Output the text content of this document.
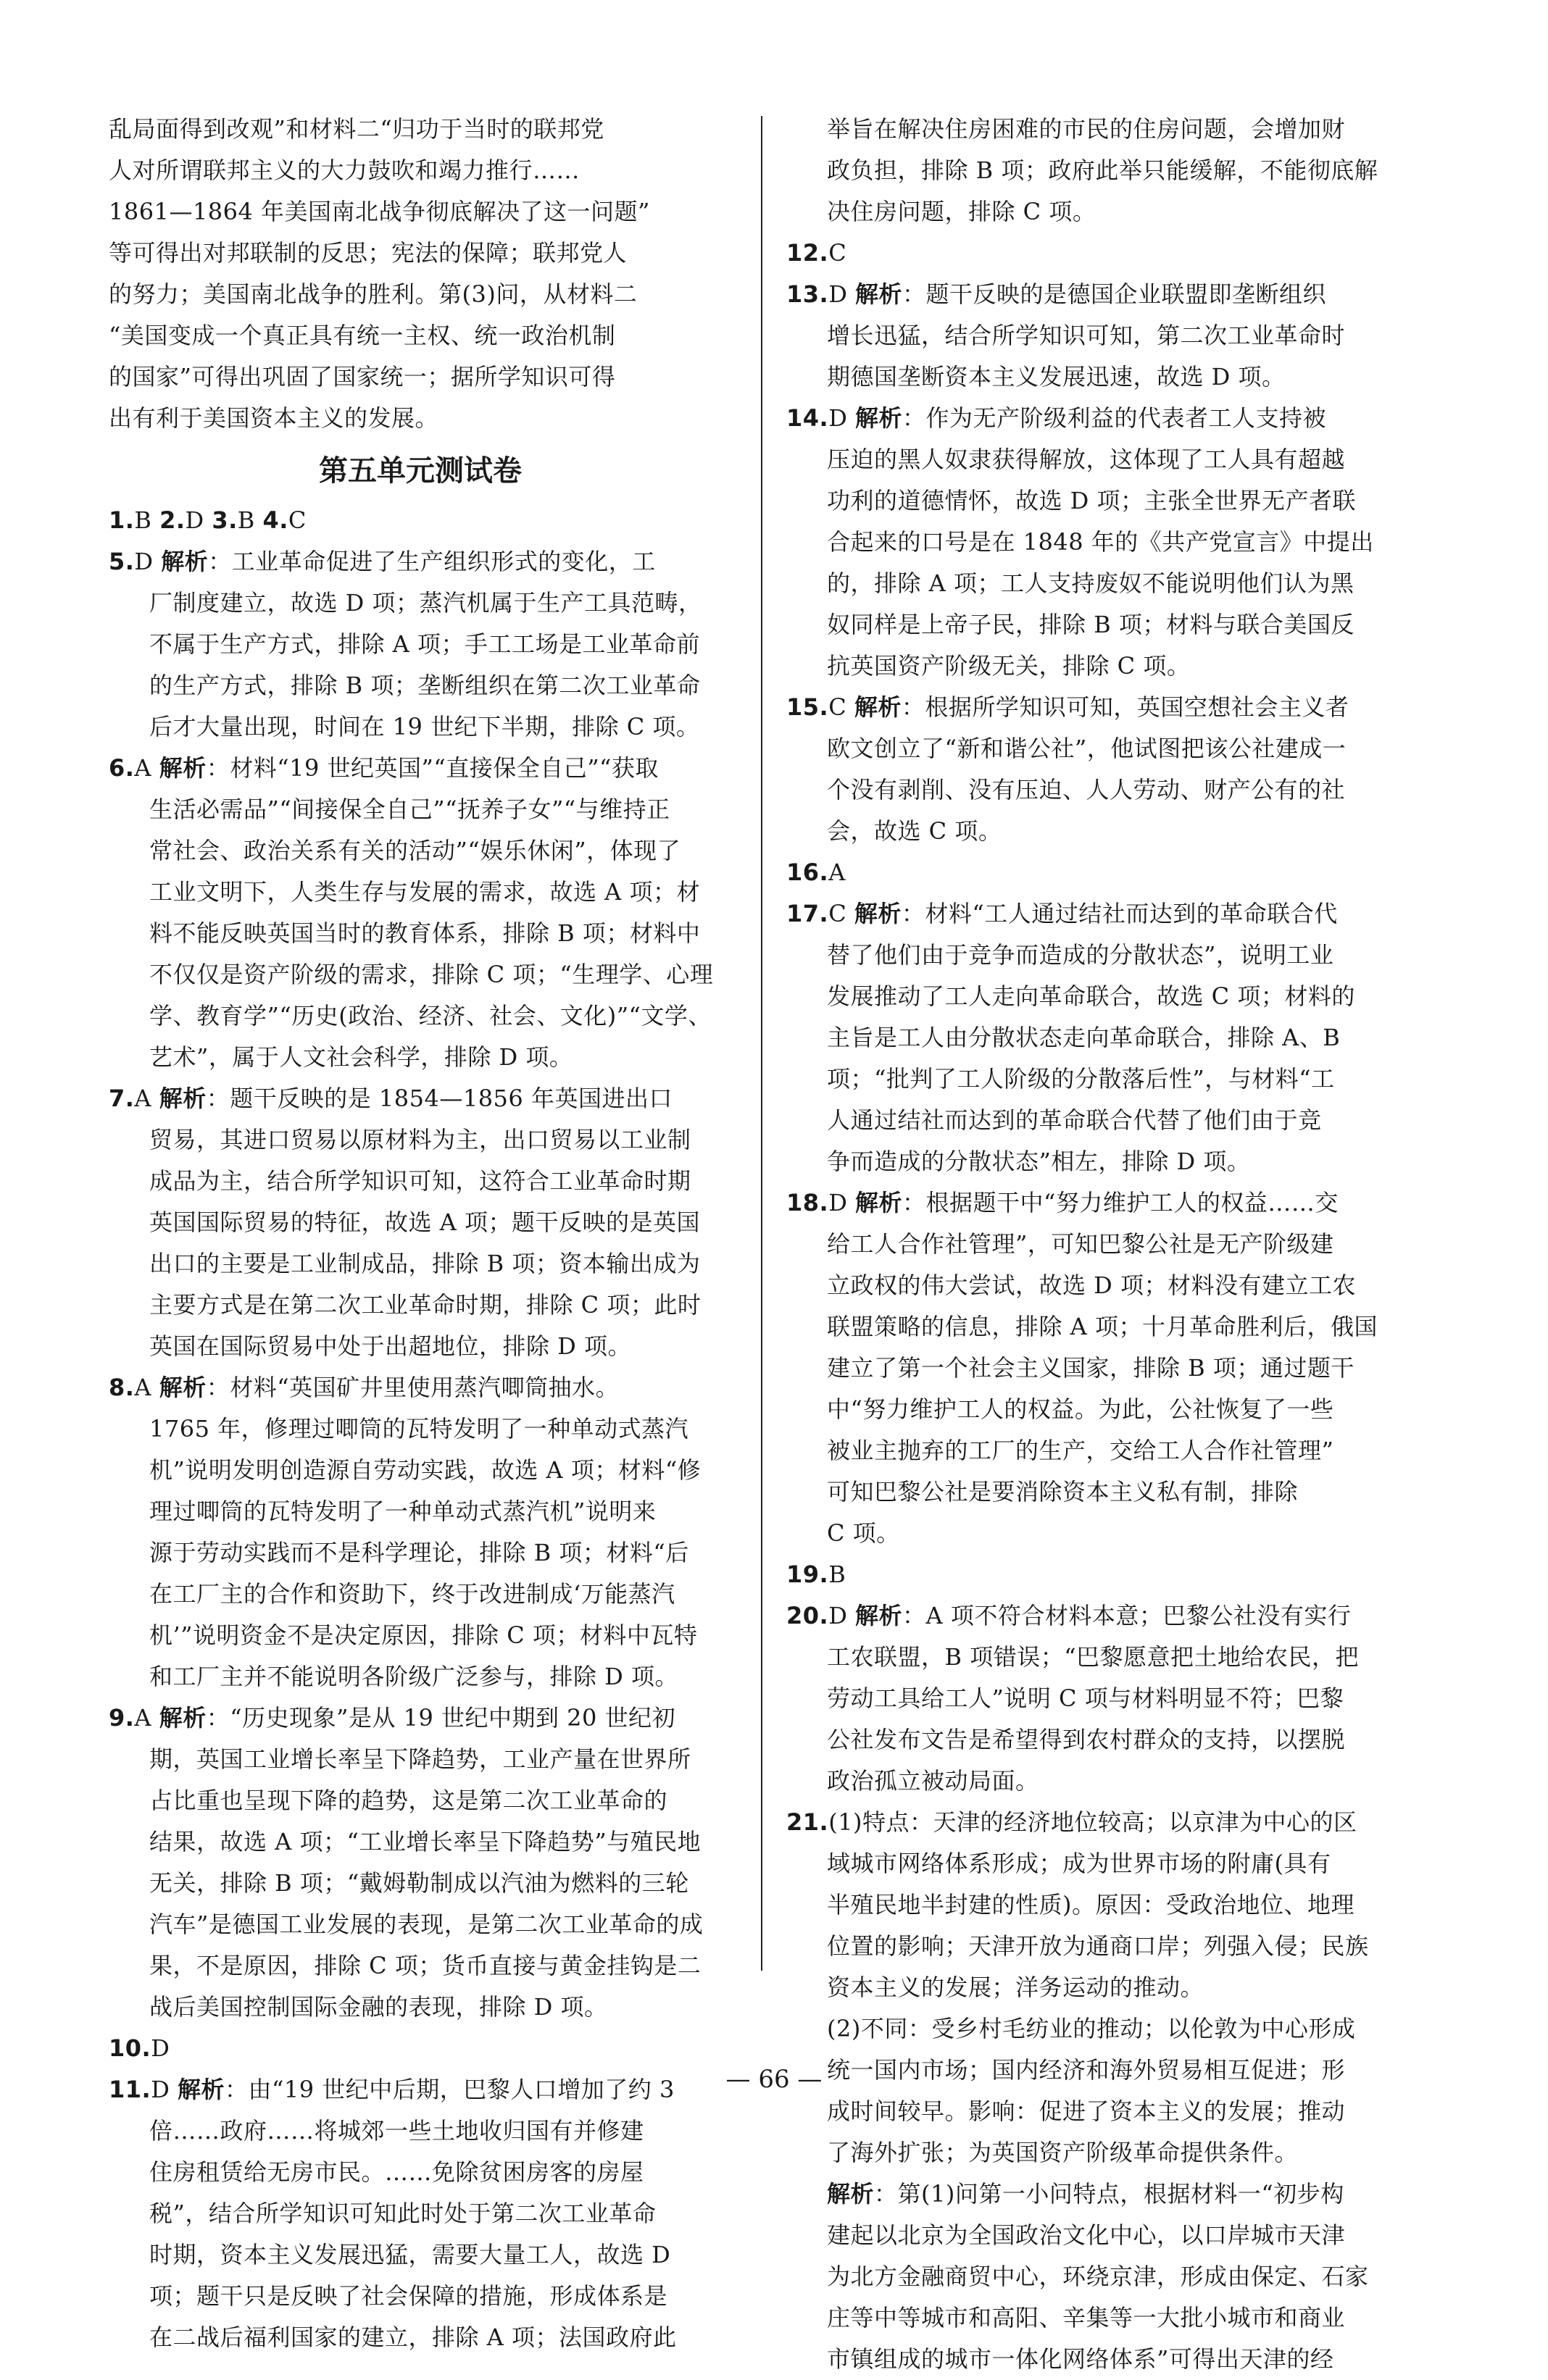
乱局面得到改观”和材料二“归功于当时的联邦党
人对所谓联邦主义的大力鼓吹和竭力推行……
1861—1864 年美国南北战争彻底解决了这一问题”
等可得出对邦联制的反思；宪法的保障；联邦党人
的努力；美国南北战争的胜利。第(3)问，从材料二
“美国变成一个真正具有统一主权、统一政治机制
的国家”可得出巩固了国家统一；据所学知识可得
出有利于美国资本主义的发展。
第五单元测试卷
1.B 2.D 3.B 4.C
5.D 解析：工业革命促进了生产组织形式的变化，工
厂制度建立，故选 D 项；蒸汽机属于生产工具范畴，
不属于生产方式，排除 A 项；手工工场是工业革命前
的生产方式，排除 B 项；垄断组织在第二次工业革命
后才大量出现，时间在 19 世纪下半期，排除 C 项。
6.A 解析：材料“19 世纪英国”“直接保全自己”“获取
生活必需品”“间接保全自己”“抚养子女”“与维持正
常社会、政治关系有关的活动”“娱乐休闲”，体现了
工业文明下，人类生存与发展的需求，故选 A 项；材
料不能反映英国当时的教育体系，排除 B 项；材料中
不仅仅是资产阶级的需求，排除 C 项；“生理学、心理
学、教育学”“历史(政治、经济、社会、文化)”“文学、
艺术”，属于人文社会科学，排除 D 项。
7.A 解析：题干反映的是 1854—1856 年英国进出口
贸易，其进口贸易以原材料为主，出口贸易以工业制
成品为主，结合所学知识可知，这符合工业革命时期
英国国际贸易的特征，故选 A 项；题干反映的是英国
出口的主要是工业制成品，排除 B 项；资本输出成为
主要方式是在第二次工业革命时期，排除 C 项；此时
英国在国际贸易中处于出超地位，排除 D 项。
8.A 解析：材料“英国矿井里使用蒸汽唧筒抽水。
1765 年，修理过唧筒的瓦特发明了一种单动式蒸汽
机”说明发明创造源自劳动实践，故选 A 项；材料“修
理过唧筒的瓦特发明了一种单动式蒸汽机”说明来
源于劳动实践而不是科学理论，排除 B 项；材料“后
在工厂主的合作和资助下，终于改进制成‘万能蒸汽
机’”说明资金不是决定原因，排除 C 项；材料中瓦特
和工厂主并不能说明各阶级广泛参与，排除 D 项。
9.A 解析：“历史现象”是从 19 世纪中期到 20 世纪初
期，英国工业增长率呈下降趋势，工业产量在世界所
占比重也呈现下降的趋势，这是第二次工业革命的
结果，故选 A 项；“工业增长率呈下降趋势”与殖民地
无关，排除 B 项；“戴姆勒制成以汽油为燃料的三轮
汽车”是德国工业发展的表现，是第二次工业革命的成
果，不是原因，排除 C 项；货币直接与黄金挂钩是二
战后美国控制国际金融的表现，排除 D 项。
10.D
11.D 解析：由“19 世纪中后期，巴黎人口增加了约 3
倍……政府……将城郊一些土地收归国有并修建
住房租赁给无房市民。……免除贫困房客的房屋
税”，结合所学知识可知此时处于第二次工业革命
时期，资本主义发展迅猛，需要大量工人，故选 D
项；题干只是反映了社会保障的措施，形成体系是
在二战后福利国家的建立，排除 A 项；法国政府此
举旨在解决住房困难的市民的住房问题，会增加财
政负担，排除 B 项；政府此举只能缓解，不能彻底解
决住房问题，排除 C 项。
12.C
13.D 解析：题干反映的是德国企业联盟即垄断组织
增长迅猛，结合所学知识可知，第二次工业革命时
期德国垄断资本主义发展迅速，故选 D 项。
14.D 解析：作为无产阶级利益的代表者工人支持被
压迫的黑人奴隶获得解放，这体现了工人具有超越
功利的道德情怀，故选 D 项；主张全世界无产者联
合起来的口号是在 1848 年的《共产党宣言》中提出
的，排除 A 项；工人支持废奴不能说明他们认为黑
奴同样是上帝子民，排除 B 项；材料与联合美国反
抗英国资产阶级无关，排除 C 项。
15.C 解析：根据所学知识可知，英国空想社会主义者
欧文创立了“新和谐公社”，他试图把该公社建成一
个没有剥削、没有压迫、人人劳动、财产公有的社
会，故选 C 项。
16.A
17.C 解析：材料“工人通过结社而达到的革命联合代
替了他们由于竞争而造成的分散状态”，说明工业
发展推动了工人走向革命联合，故选 C 项；材料的
主旨是工人由分散状态走向革命联合，排除 A、B
项；“批判了工人阶级的分散落后性”，与材料“工
人通过结社而达到的革命联合代替了他们由于竞
争而造成的分散状态”相左，排除 D 项。
18.D 解析：根据题干中“努力维护工人的权益……交
给工人合作社管理”，可知巴黎公社是无产阶级建
立政权的伟大尝试，故选 D 项；材料没有建立工农
联盟策略的信息，排除 A 项；十月革命胜利后，俄国
建立了第一个社会主义国家，排除 B 项；通过题干
中“努力维护工人的权益。为此，公社恢复了一些
被业主抛弃的工厂的生产，交给工人合作社管理”
可知巴黎公社是要消除资本主义私有制，排除
C 项。
19.B
20.D 解析：A 项不符合材料本意；巴黎公社没有实行
工农联盟，B 项错误；“巴黎愿意把土地给农民，把
劳动工具给工人”说明 C 项与材料明显不符；巴黎
公社发布文告是希望得到农村群众的支持，以摆脱
政治孤立被动局面。
21.(1)特点：天津的经济地位较高；以京津为中心的区
域城市网络体系形成；成为世界市场的附庸(具有
半殖民地半封建的性质)。原因：受政治地位、地理
位置的影响；天津开放为通商口岸；列强入侵；民族
资本主义的发展；洋务运动的推动。
(2)不同：受乡村毛纺业的推动；以伦敦为中心形成
统一国内市场；国内经济和海外贸易相互促进；形
成时间较早。影响：促进了资本主义的发展；推动
了海外扩张；为英国资产阶级革命提供条件。
解析：第(1)问第一小问特点，根据材料一“初步构
建起以北京为全国政治文化中心，以口岸城市天津
为北方金融商贸中心，环绕京津，形成由保定、石家
庄等中等城市和高阳、辛集等一大批小城市和商业
市镇组成的城市一体化网络体系”可得出天津的经
— 66 —
